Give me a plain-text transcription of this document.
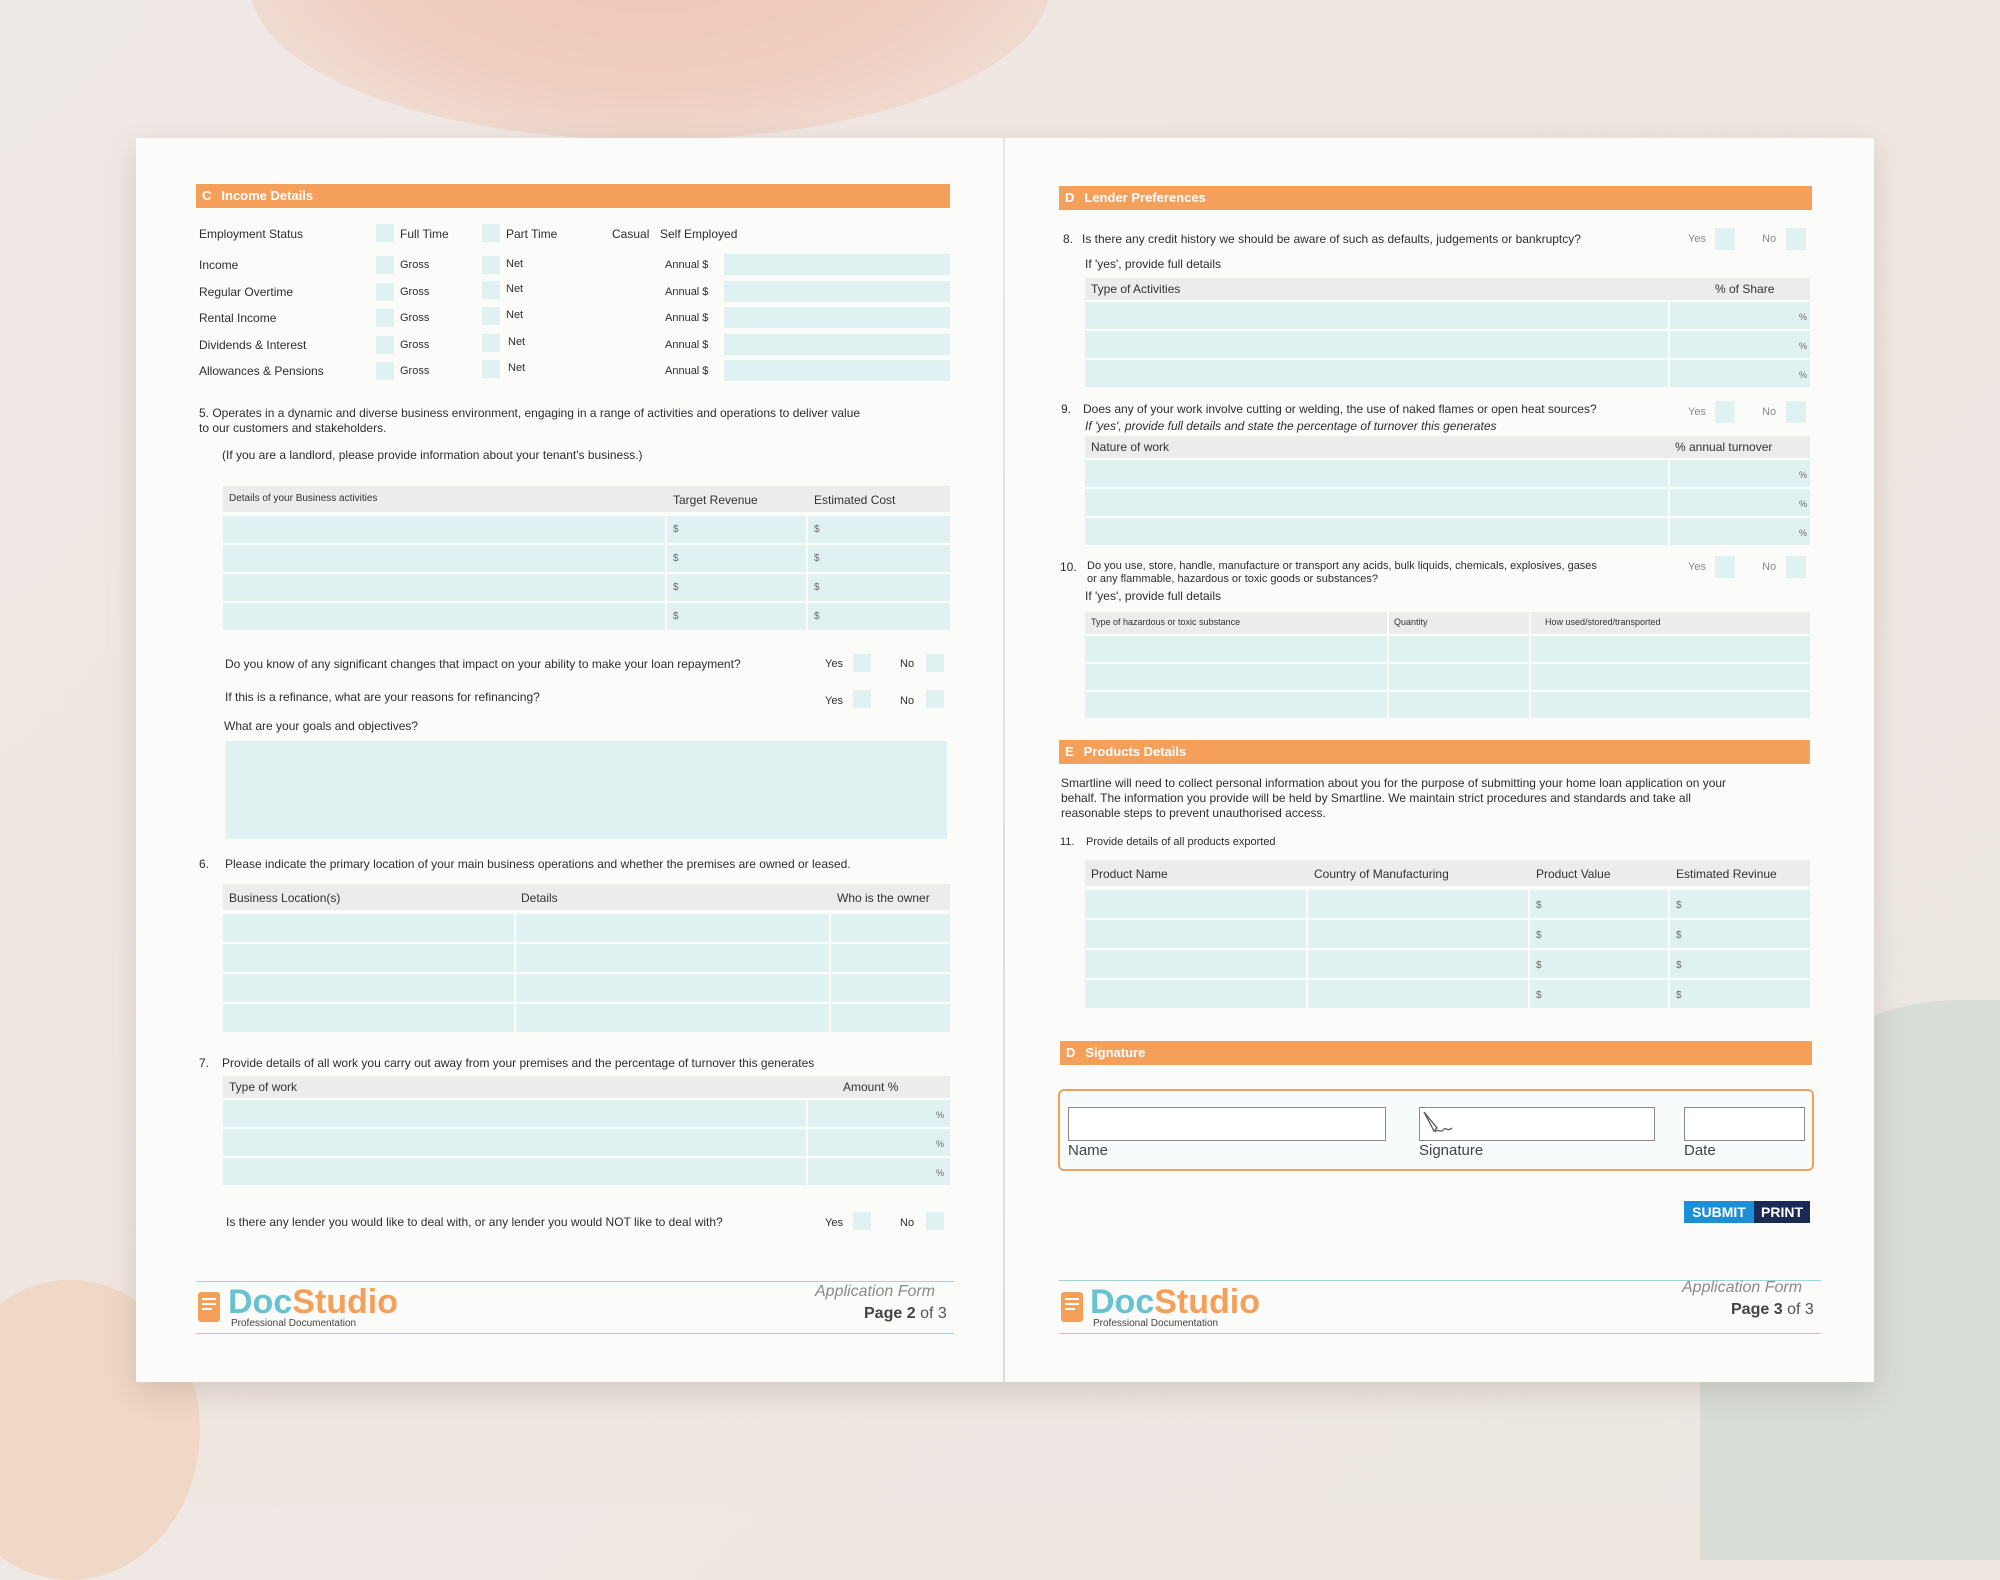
C Income Details
Employment Status	Full Time	Part Time	Casual Self Employed
Income	Gross	Net	Annual $
Regular Overtime	Gross	Net	Annual $
Rental Income	Gross	Net	Annual $
Dividends & Interest	Gross	Net	Annual $
Allowances & Pensions	Gross	Net	Annual $
5. Operates in a dynamic and diverse business environment, engaging in a range of activities and operations to deliver value
to our customers and stakeholders.
(If you are a landlord, please provide information about your tenant's business.)
Details of your Business activities	Target Revenue	Estimated Cost
$	$
$	$
$	$
$	$
Do you know of any significant changes that impact on your ability to make your loan repayment?	Yes	No
If this is a refinance, what are your reasons for refinancing?	Yes	No
What are your goals and objectives?
6. Please indicate the primary location of your main business operations and whether the premises are owned or leased.
Business Location(s)	Details	Who is the owner
7. Provide details of all work you carry out away from your premises and the percentage of turnover this generates
Type of work	Amount %
%
%
%
Is there any lender you would like to deal with, or any lender you would NOT like to deal with?	Yes	No
DocStudio
Professional Documentation
Application Form
Page 2 of 3
D Lender Preferences
8. Is there any credit history we should be aware of such as defaults, judgements or bankruptcy?	Yes	No
If 'yes', provide full details
Type of Activities	% of Share
%
%
%
9. Does any of your work involve cutting or welding, the use of naked flames or open heat sources?	Yes	No
If 'yes', provide full details and state the percentage of turnover this generates
Nature of work	% annual turnover
%
%
%
10. Do you use, store, handle, manufacture or transport any acids, bulk liquids, chemicals, explosives, gases
or any flammable, hazardous or toxic goods or substances?
Yes	No
If 'yes', provide full details
Type of hazardous or toxic substance	Quantity	How used/stored/transported
E Products Details
Smartline will need to collect personal information about you for the purpose of submitting your home loan application on your
behalf. The information you provide will be held by Smartline. We maintain strict procedures and standards and take all
reasonable steps to prevent unauthorised access.
11. Provide details of all products exported
Product Name	Country of Manufacturing	Product Value	Estimated Revinue
$	$
$	$
$	$
$	$
D Signature
Name	Signature	Date
SUBMIT	PRINT
DocStudio
Professional Documentation
Application Form
Page 3 of 3
